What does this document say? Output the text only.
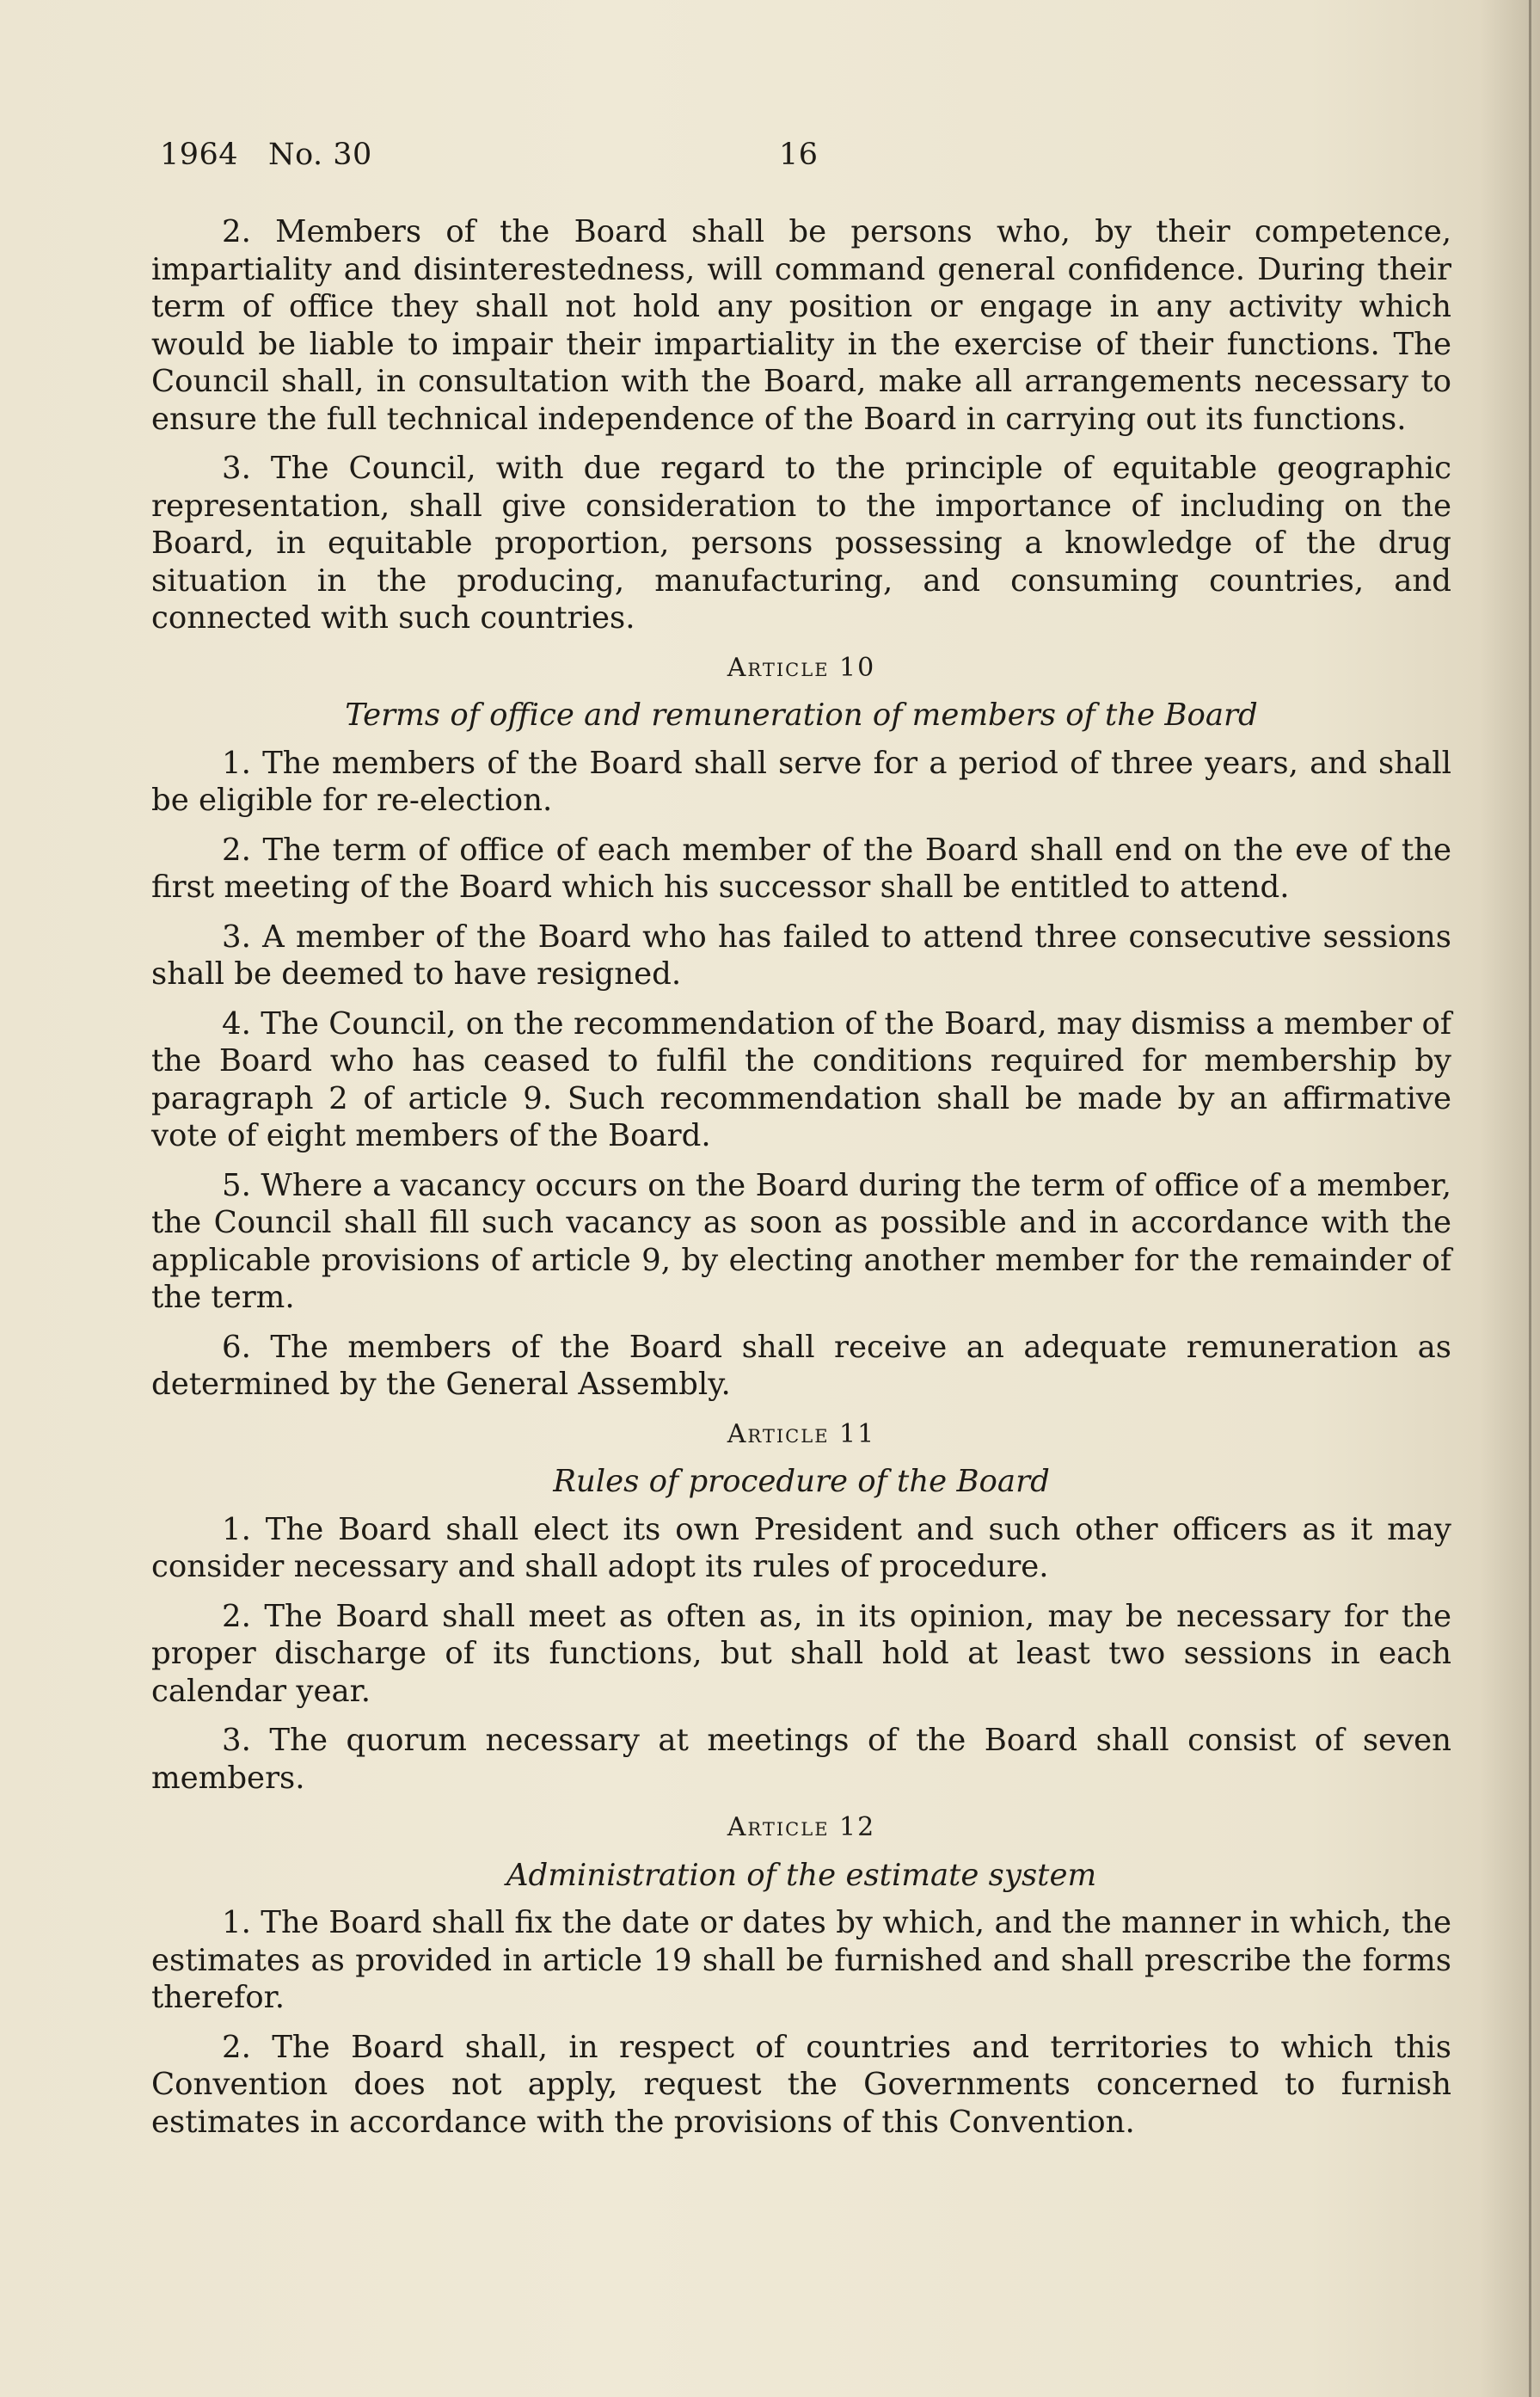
1964   No. 30	16

2. Members of the Board shall be persons who, by their competence, impartiality and disinterestedness, will command general confidence. During their term of office they shall not hold any position or engage in any activity which would be liable to impair their impartiality in the exercise of their functions. The Council shall, in consultation with the Board, make all arrangements necessary to ensure the full technical independence of the Board in carrying out its functions.

3. The Council, with due regard to the principle of equitable geographic representation, shall give consideration to the importance of including on the Board, in equitable proportion, persons possessing a knowledge of the drug situation in the producing, manufacturing, and consuming countries, and connected with such countries.

Article 10
Terms of office and remuneration of members of the Board

1. The members of the Board shall serve for a period of three years, and shall be eligible for re-election.

2. The term of office of each member of the Board shall end on the eve of the first meeting of the Board which his successor shall be entitled to attend.

3. A member of the Board who has failed to attend three consecutive sessions shall be deemed to have resigned.

4. The Council, on the recommendation of the Board, may dismiss a member of the Board who has ceased to fulfil the conditions required for membership by paragraph 2 of article 9. Such recommendation shall be made by an affirmative vote of eight members of the Board.

5. Where a vacancy occurs on the Board during the term of office of a member, the Council shall fill such vacancy as soon as possible and in accordance with the applicable provisions of article 9, by electing another member for the remainder of the term.

6. The members of the Board shall receive an adequate remuneration as determined by the General Assembly.

Article 11
Rules of procedure of the Board

1. The Board shall elect its own President and such other officers as it may consider necessary and shall adopt its rules of procedure.

2. The Board shall meet as often as, in its opinion, may be necessary for the proper discharge of its functions, but shall hold at least two sessions in each calendar year.

3. The quorum necessary at meetings of the Board shall consist of seven members.

Article 12
Administration of the estimate system

1. The Board shall fix the date or dates by which, and the manner in which, the estimates as provided in article 19 shall be furnished and shall prescribe the forms therefor.

2. The Board shall, in respect of countries and territories to which this Convention does not apply, request the Governments concerned to furnish estimates in accordance with the provisions of this Convention.
